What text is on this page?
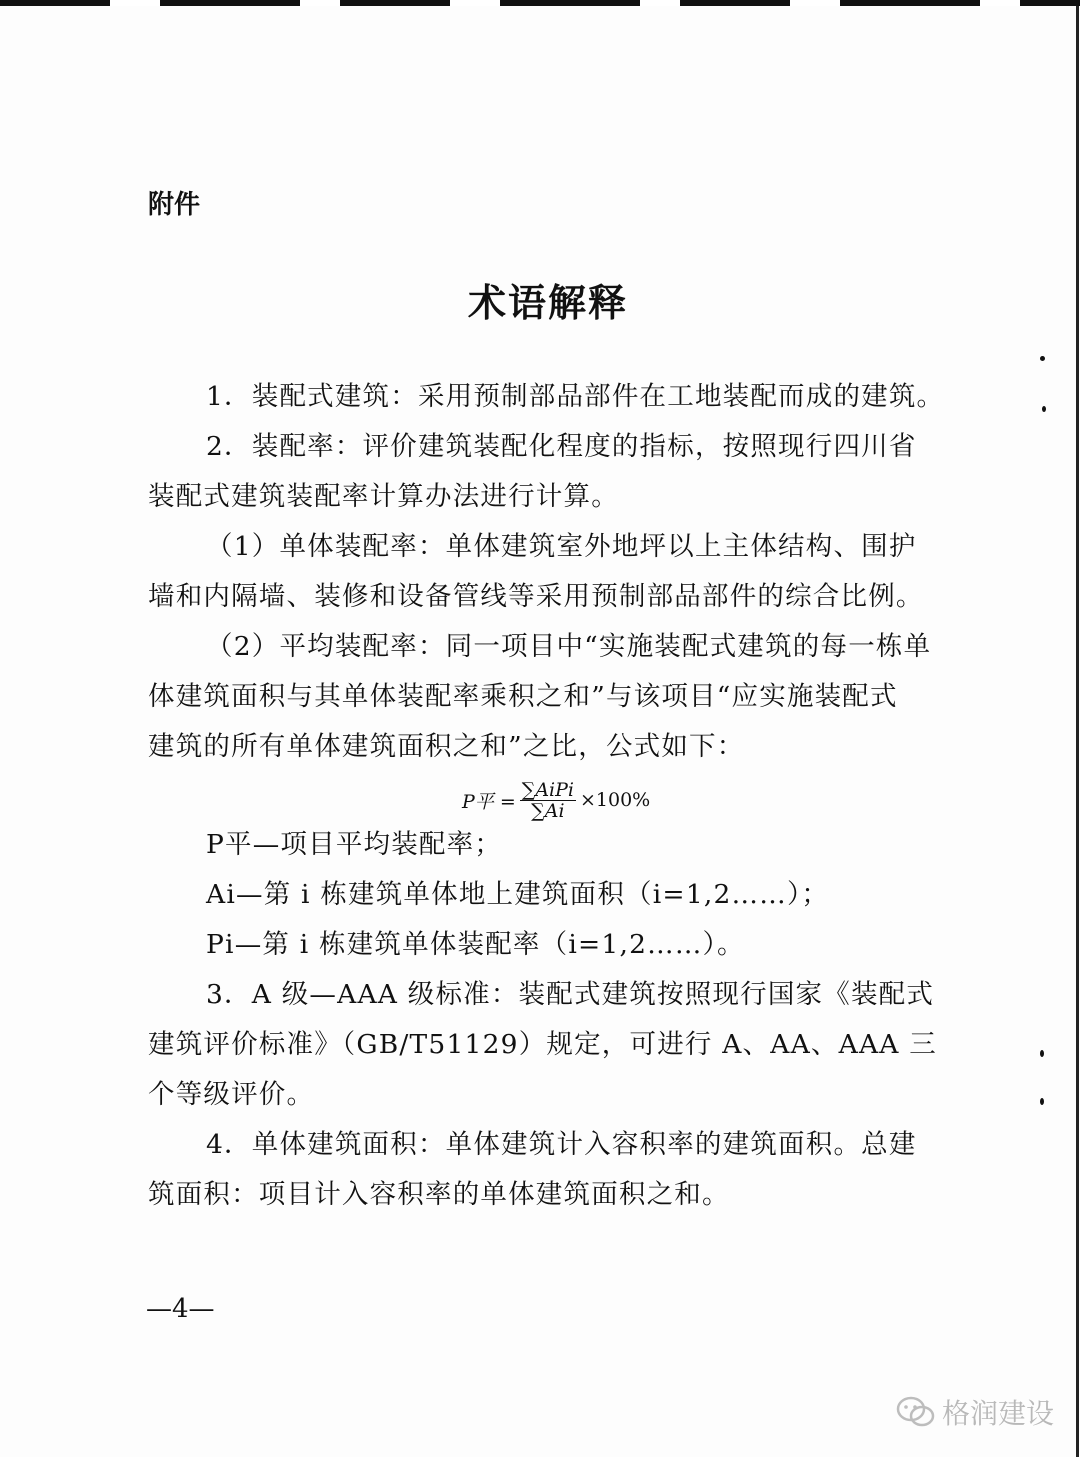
附件
术语解释
1．装配式建筑：采用预制部品部件在工地装配而成的建筑。
2．装配率：评价建筑装配化程度的指标，按照现行四川省
装配式建筑装配率计算办法进行计算。
（1）单体装配率：单体建筑室外地坪以上主体结构、围护
墙和内隔墙、装修和设备管线等采用预制部品部件的综合比例。
（2）平均装配率：同一项目中“实施装配式建筑的每一栋单
体建筑面积与其单体装配率乘积之和”与该项目“应实施装配式
建筑的所有单体建筑面积之和”之比，公式如下：
P平 = $\frac{\text{∑AiPi}}{\sum Ai} \times 100\%$
P平—项目平均装配率；
Ai—第 i 栋建筑单体地上建筑面积（i=1,2……）；
Pi—第 i 栋建筑单体装配率（i=1,2……）。
3．A 级—AAA 级标准：装配式建筑按照现行国家《装配式
建筑评价标准》（GB/T51129）规定，可进行 A、AA、AAA 三
个等级评价。
4．单体建筑面积：单体建筑计入容积率的建筑面积。总建
筑面积：项目计入容积率的单体建筑面积之和。
—4—
格润建设
